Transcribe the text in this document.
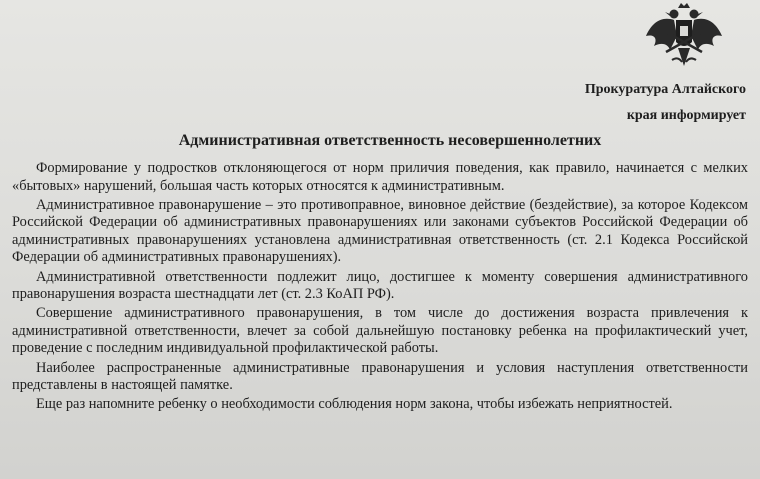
Прокуратура Алтайского
края информирует
Административная ответственность несовершеннолетних

Формирование у подростков отклоняющегося от норм приличия поведения, как правило, начинается с мелких «бытовых» нарушений, большая часть которых относятся к административным.

Административное правонарушение – это противоправное, виновное действие (бездействие), за которое Кодексом Российской Федерации об административных правонарушениях или законами субъектов Российской Федерации об административных правонарушениях установлена административная ответственность (ст. 2.1 Кодекса Российской Федерации об административных правонарушениях).

Административной ответственности подлежит лицо, достигшее к моменту совершения административного правонарушения возраста шестнадцати лет (ст. 2.3 КоАП РФ).

Совершение административного правонарушения, в том числе до достижения возраста привлечения к административной ответственности, влечет за собой дальнейшую постановку ребенка на профилактический учет, проведение с последним индивидуальной профилактической работы.

Наиболее распространенные административные правонарушения и условия наступления ответственности представлены в настоящей памятке.

Еще раз напомните ребенку о необходимости соблюдения норм закона, чтобы избежать неприятностей.
